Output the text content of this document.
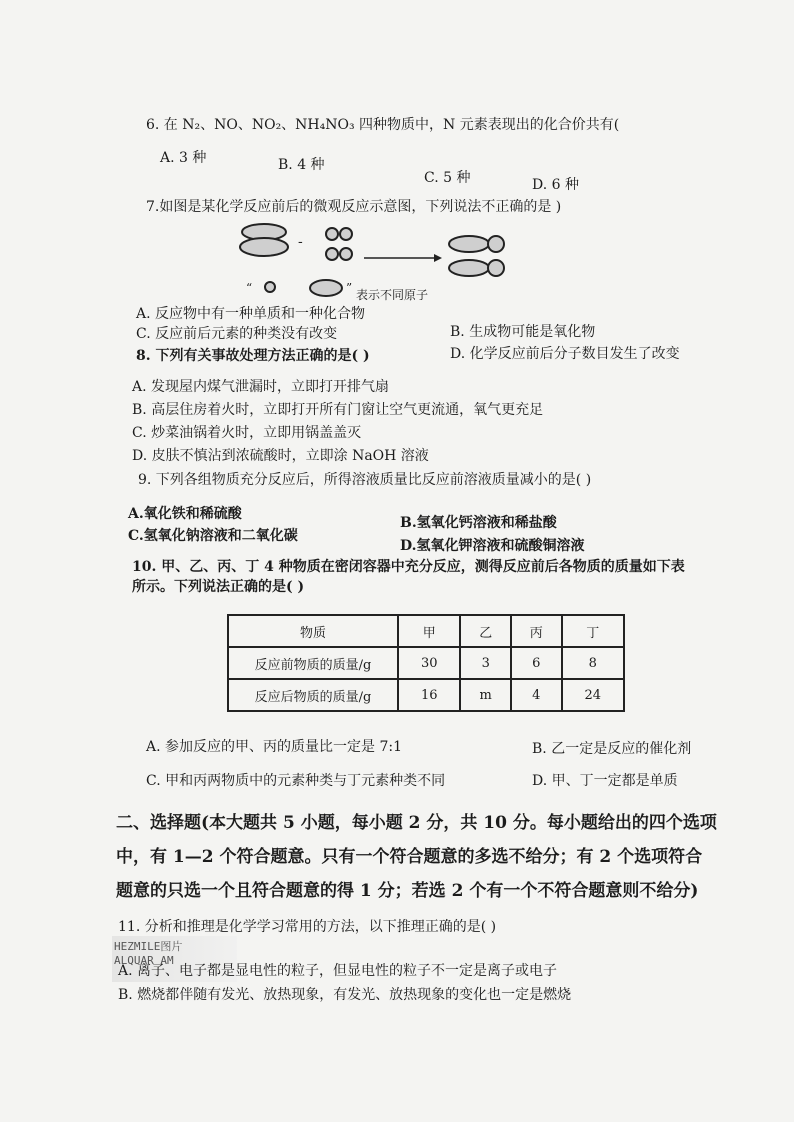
6. 在 N₂、NO、NO₂、NH₄NO₃ 四种物质中，N 元素表现出的化合价共有(
A. 3 种	B. 4 种
C. 5 种	D. 6 种
7.如图是某化学反应前后的微观反应示意图，下列说法不正确的是 )
-
“	” 表示不同原子
A. 反应物中有一种单质和一种化合物
C. 反应前后元素的种类没有改变	B. 生成物可能是氧化物
D. 化学反应前后分子数目发生了改变
8. 下列有关事故处理方法正确的是( )
A. 发现屋内煤气泄漏时，立即打开排气扇
B. 高层住房着火时，立即打开所有门窗让空气更流通，氧气更充足
C. 炒菜油锅着火时，立即用锅盖盖灭
D. 皮肤不慎沾到浓硫酸时，立即涂 NaOH 溶液
9. 下列各组物质充分反应后，所得溶液质量比反应前溶液质量减小的是( )
A.氧化铁和稀硫酸
B.氢氧化钙溶液和稀盐酸
C.氢氧化钠溶液和二氧化碳
D.氢氧化钾溶液和硫酸铜溶液
10. 甲、乙、丙、丁 4 种物质在密闭容器中充分反应，测得反应前后各物质的质量如下表
所示。下列说法正确的是( )
物质	甲	乙	丙	丁
反应前物质的质量/g	30	3	6	8
反应后物质的质量/g	16	m	4	24
A. 参加反应的甲、丙的质量比一定是 7:1	B. 乙一定是反应的催化剂
C. 甲和丙两物质中的元素种类与丁元素种类不同	D. 甲、丁一定都是单质
二、选择题(本大题共 5 小题，每小题 2 分，共 10 分。每小题给出的四个选项
中，有 1—2 个符合题意。只有一个符合题意的多选不给分；有 2 个选项符合
题意的只选一个且符合题意的得 1 分；若选 2 个有一个不符合题意则不给分)
HEZMILE图片
ALQUAR_AM
11. 分析和推理是化学学习常用的方法，以下推理正确的是( )
A. 离子、电子都是显电性的粒子，但显电性的粒子不一定是离子或电子
B. 燃烧都伴随有发光、放热现象，有发光、放热现象的变化也一定是燃烧
